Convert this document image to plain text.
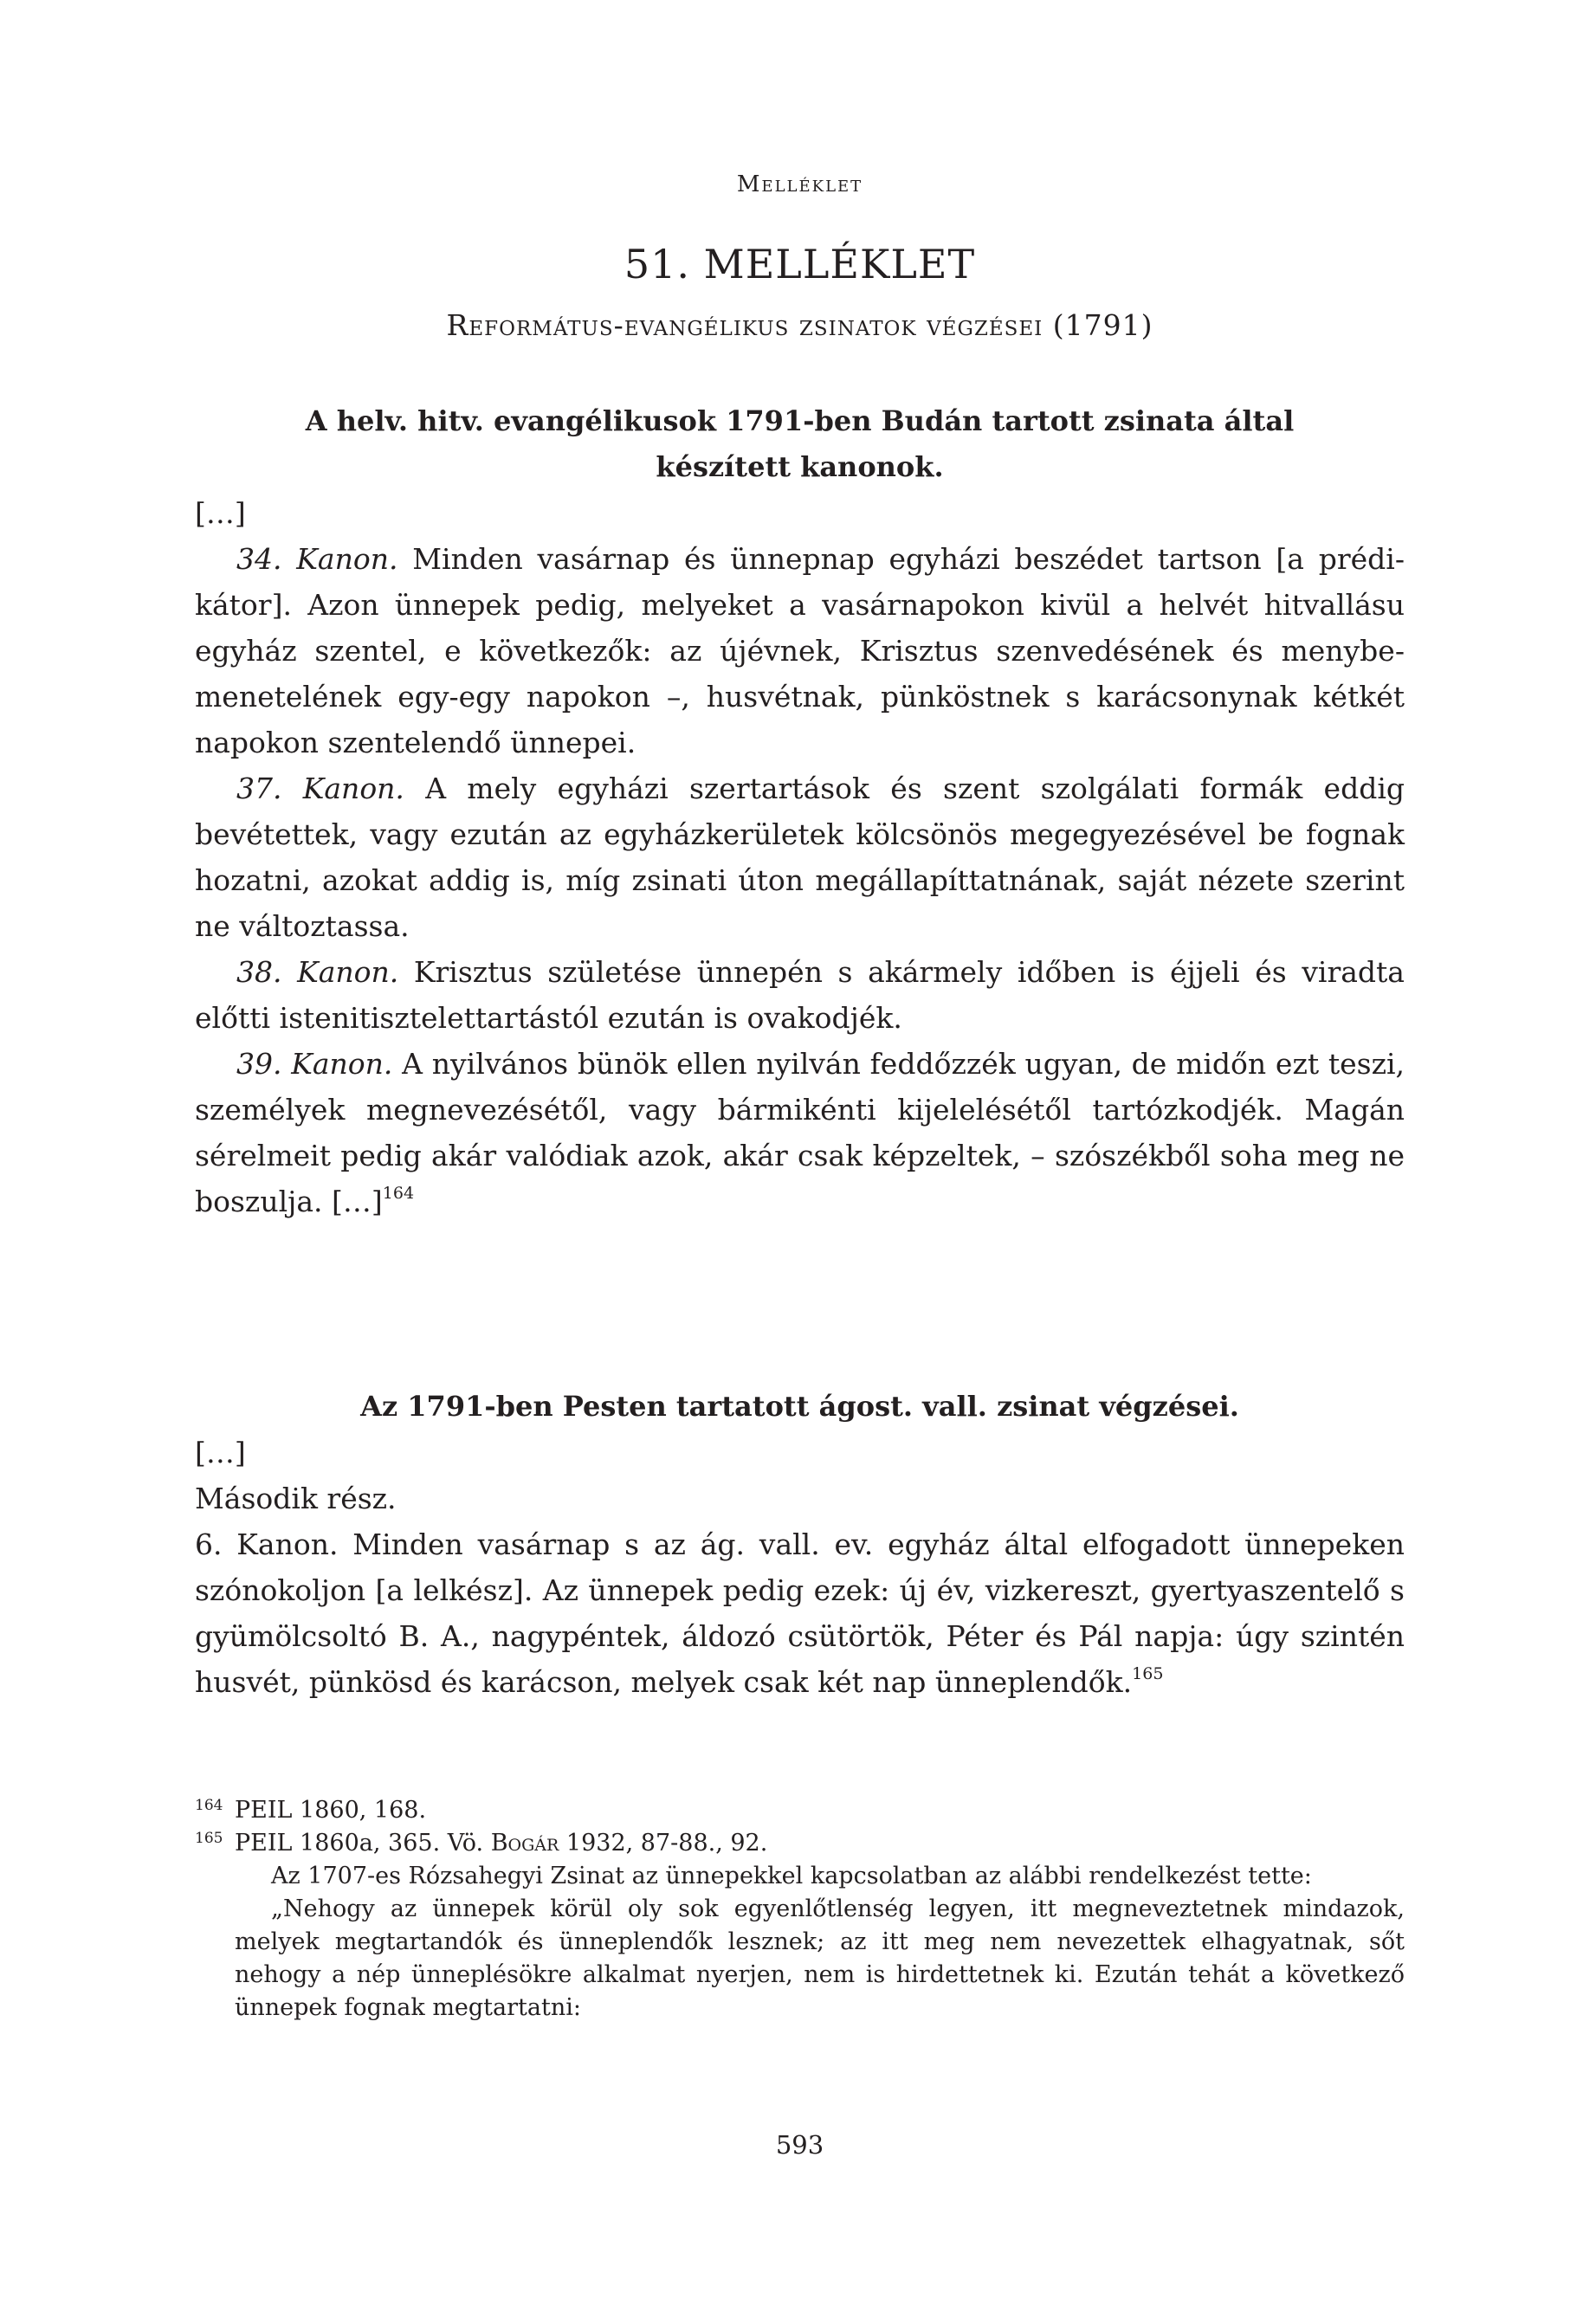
Melléklet
51. MELLÉKLET
Református-evangélikus zsinatok végzései (1791)

A helv. hitv. evangélikusok 1791-ben Budán tartott zsinata által készített kanonok.

[…]

34. Kanon. Minden vasárnap és ünnepnap egyházi beszédet tartson [a prédikátor]. Azon ünnepek pedig, melyeket a vasárnapokon kivül a helvét hitvallásu egyház szentel, e következők: az újévnek, Krisztus szenvedésének és menybemenetelének egy-egy napokon –, husvétnak, pünköstnek s karácsonynak kétkét napokon szentelendő ünnepei.

37. Kanon. A mely egyházi szertartások és szent szolgálati formák eddig bevétettek, vagy ezután az egyházkerületek kölcsönös megegyezésével be fognak hozatni, azokat addig is, míg zsinati úton megállapíttatnának, saját nézete szerint ne változtassa.

38. Kanon. Krisztus születése ünnepén s akármely időben is éjjeli és viradta előtti istenitisztelettartástól ezután is ovakodjék.

39. Kanon. A nyilvános bünök ellen nyilván feddőzzék ugyan, de midőn ezt teszi, személyek megnevezésétől, vagy bármikénti kijelelésétől tartózkodjék. Magán sérelmeit pedig akár valódiak azok, akár csak képzeltek, – szószékből soha meg ne boszulja. […]$^{164}$

Az 1791-ben Pesten tartatott ágost. vall. zsinat végzései.

[…]

Második rész.

6. Kanon. Minden vasárnap s az ág. vall. ev. egyház által elfogadott ünnepeken szónokoljon [a lelkész]. Az ünnepek pedig ezek: új év, vizkereszt, gyertyaszentelő s gyümölcsoltó B. A., nagypéntek, áldozó csütörtök, Péter és Pál napja: úgy szintén husvét, pünkösd és karácson, melyek csak két nap ünneplendők.$^{165}$

164 PEIL 1860, 168.
165 PEIL 1860a, 365. Vö. Bogár 1932, 87-88., 92.

Az 1707-es Rózsahegyi Zsinat az ünnepekkel kapcsolatban az alábbi rendelkezést tette:

„Nehogy az ünnepek körül oly sok egyenlőtlenség legyen, itt megneveztetnek mindazok, melyek megtartandók és ünneplendők lesznek; az itt meg nem nevezettek elhagyatnak, sőt nehogy a nép ünneplésökre alkalmat nyerjen, nem is hirdettetnek ki. Ezután tehát a következő ünnepek fognak megtartatni:

593
